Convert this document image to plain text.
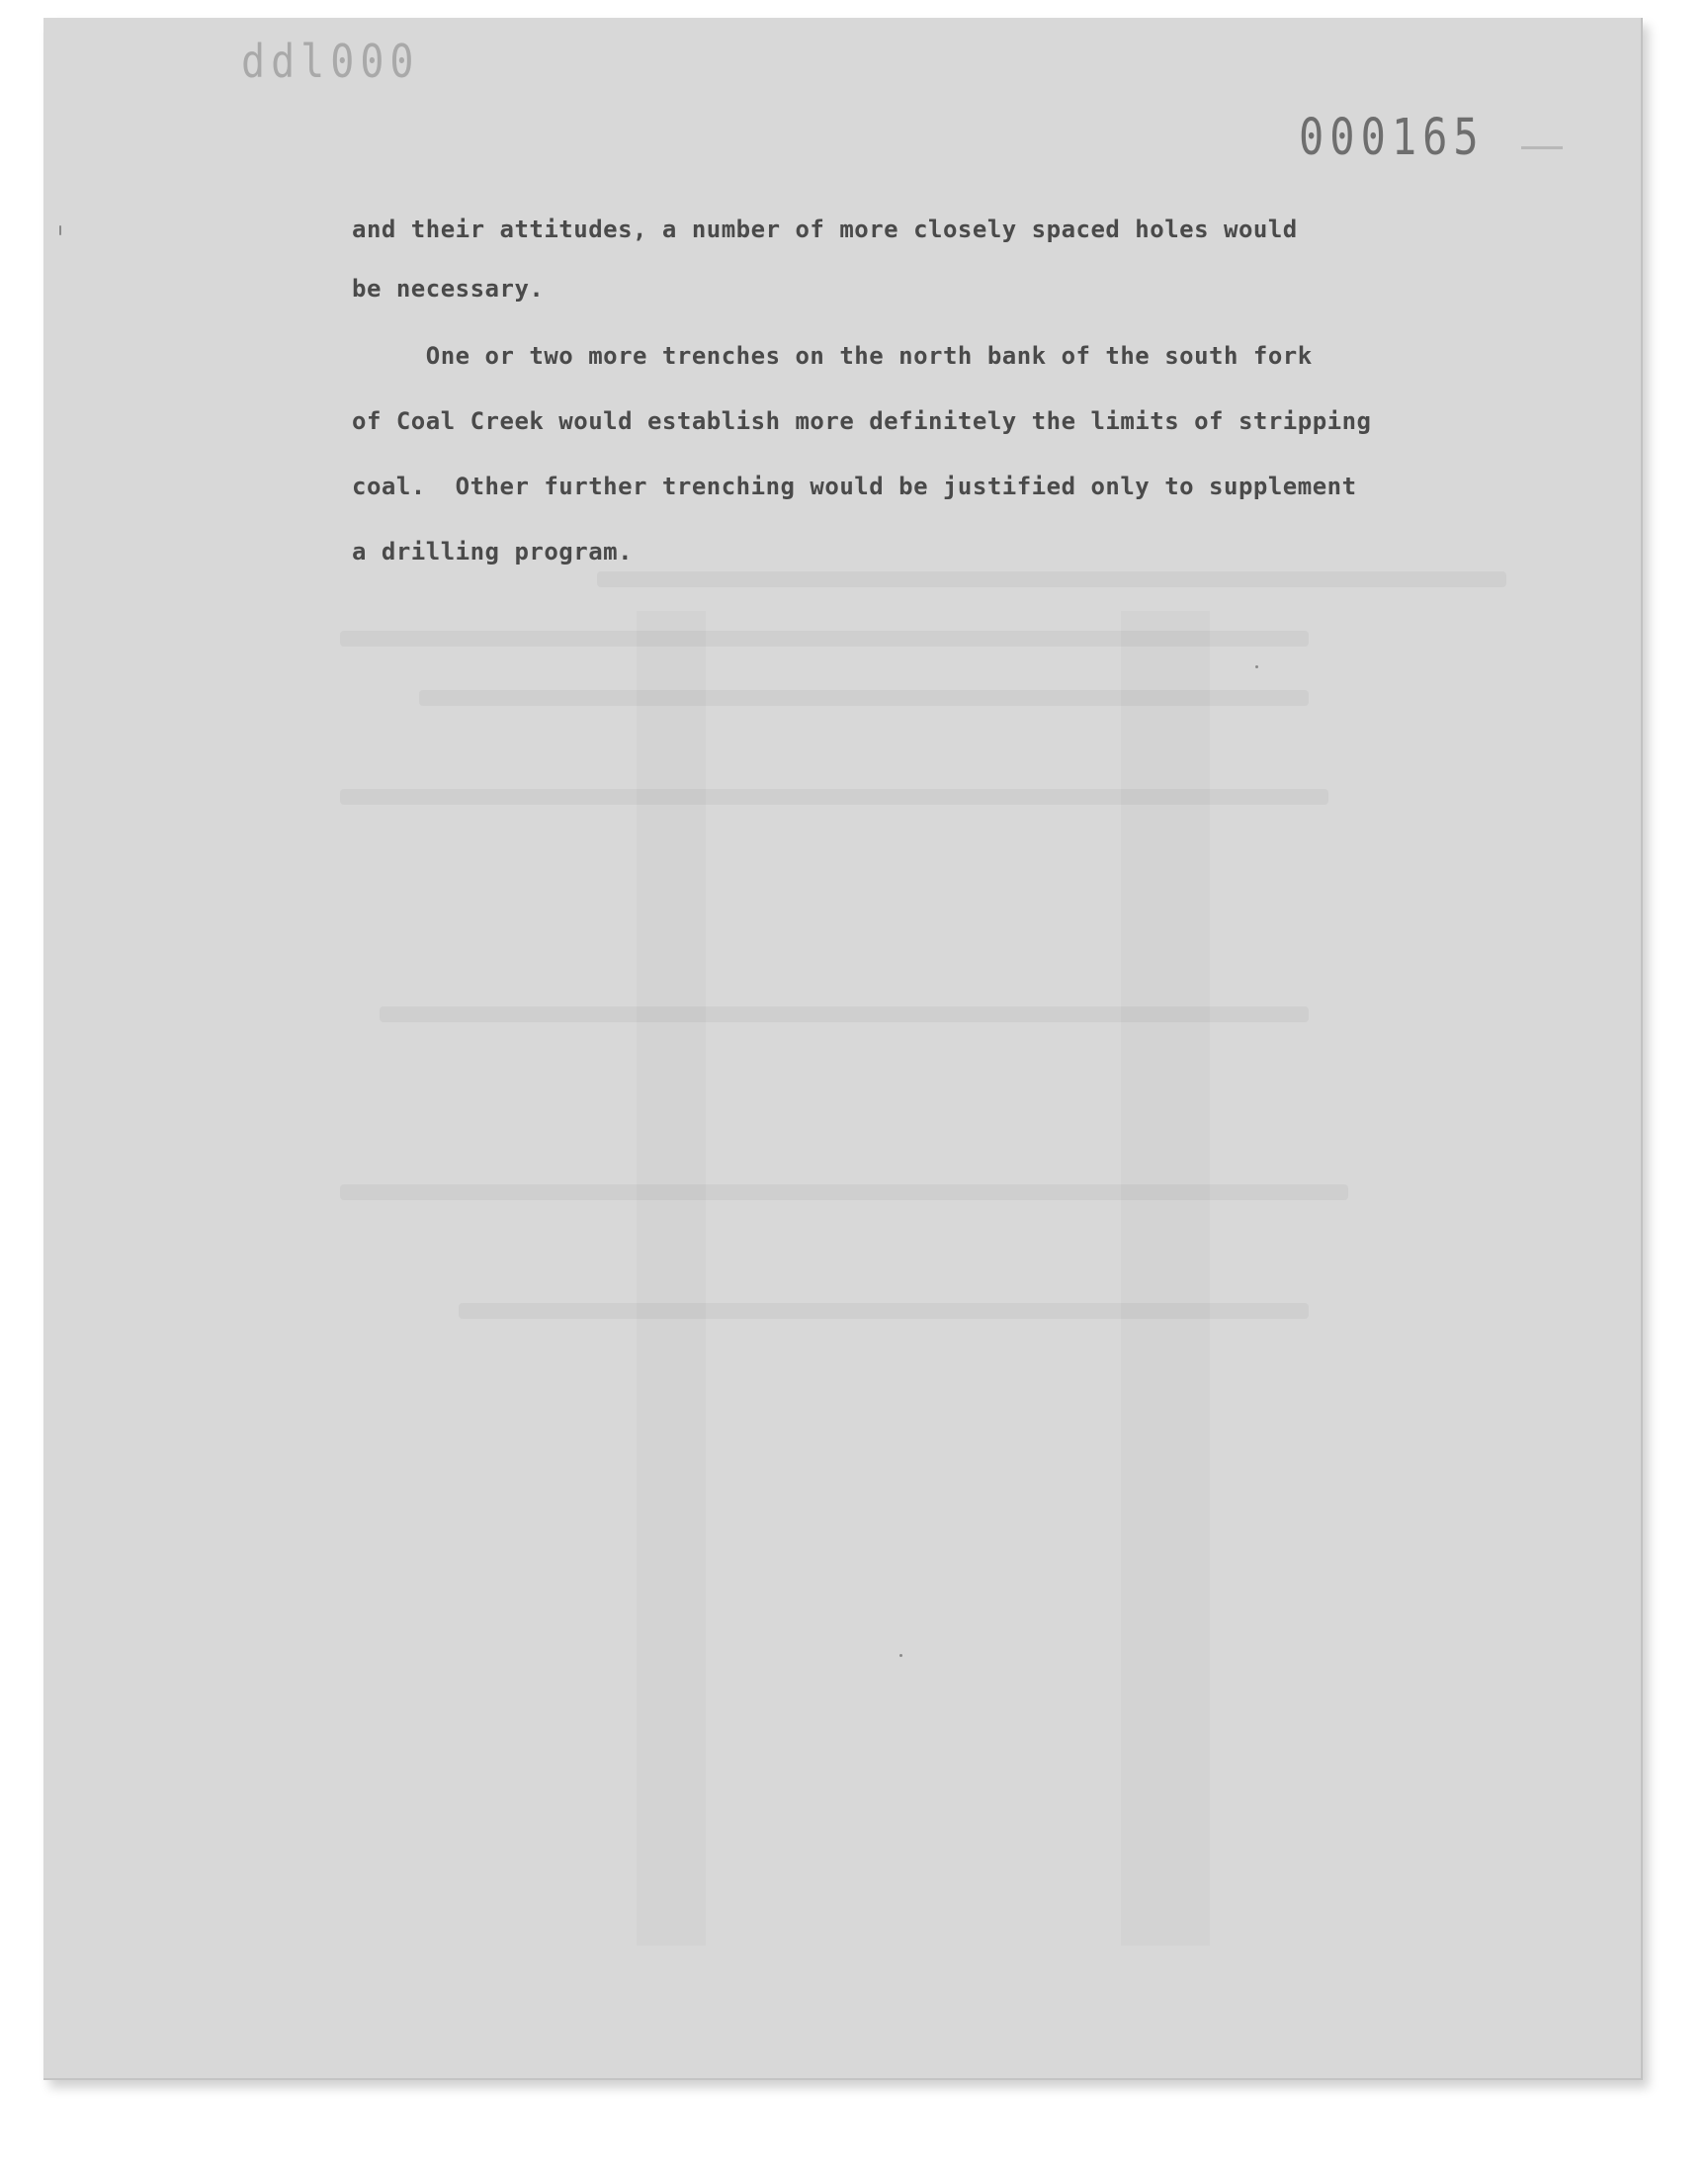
ddl000
000165
and their attitudes, a number of more closely spaced holes would
be necessary.
One or two more trenches on the north bank of the south fork
of Coal Creek would establish more definitely the limits of stripping
coal.  Other further trenching would be justified only to supplement
a drilling program.
